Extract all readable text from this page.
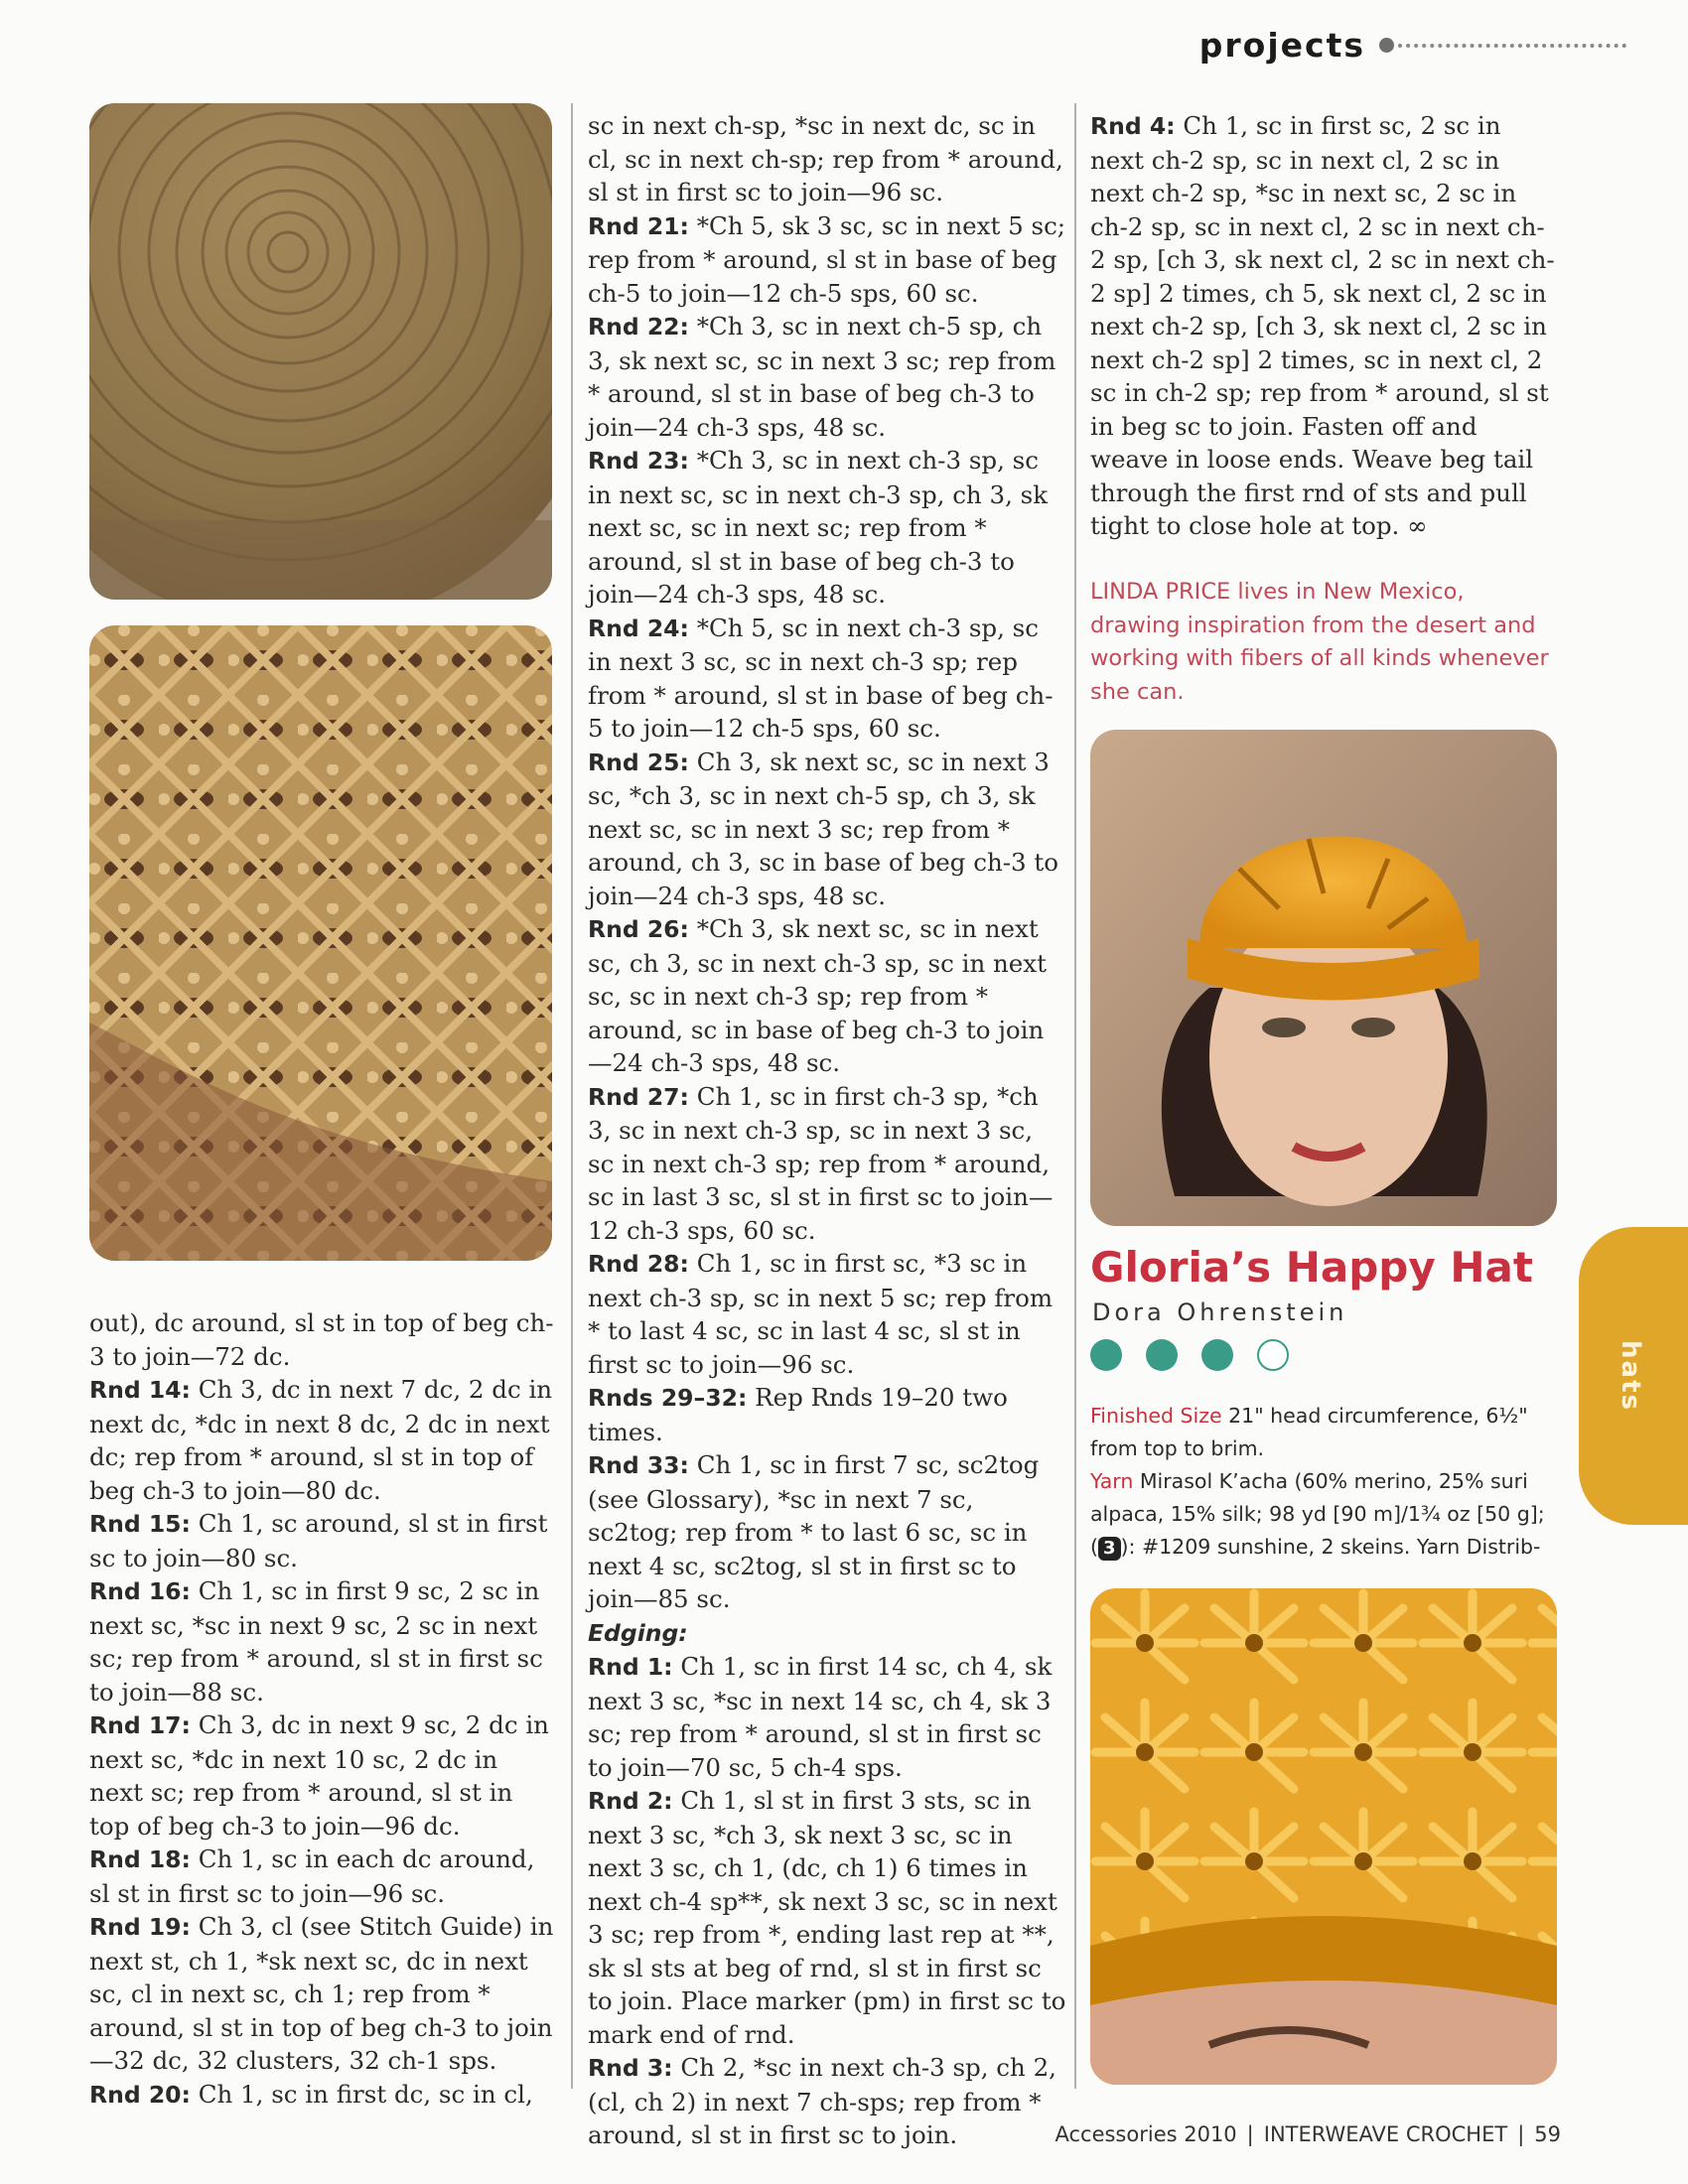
projects

out), dc around, sl st in top of beg ch-3 to join—72 dc.

Rnd 14: Ch 3, dc in next 7 dc, 2 dc in next dc, *dc in next 8 dc, 2 dc in next dc; rep from * around, sl st in top of beg ch-3 to join—80 dc.

Rnd 15: Ch 1, sc around, sl st in first sc to join—80 sc.

Rnd 16: Ch 1, sc in first 9 sc, 2 sc in next sc, *sc in next 9 sc, 2 sc in next sc; rep from * around, sl st in first sc to join—88 sc.

Rnd 17: Ch 3, dc in next 9 sc, 2 dc in next sc, *dc in next 10 sc, 2 dc in next sc; rep from * around, sl st in top of beg ch-3 to join—96 dc.

Rnd 18: Ch 1, sc in each dc around, sl st in first sc to join—96 sc.

Rnd 19: Ch 3, cl (see Stitch Guide) in next st, ch 1, *sk next sc, dc in next sc, cl in next sc, ch 1; rep from * around, sl st in top of beg ch-3 to join—32 dc, 32 clusters, 32 ch-1 sps.

Rnd 20: Ch 1, sc in first dc, sc in cl,

sc in next ch-sp, *sc in next dc, sc in cl, sc in next ch-sp; rep from * around, sl st in first sc to join—96 sc.

Rnd 21: *Ch 5, sk 3 sc, sc in next 5 sc; rep from * around, sl st in base of beg ch-5 to join—12 ch-5 sps, 60 sc.

Rnd 22: *Ch 3, sc in next ch-5 sp, ch 3, sk next sc, sc in next 3 sc; rep from * around, sl st in base of beg ch-3 to join—24 ch-3 sps, 48 sc.

Rnd 23: *Ch 3, sc in next ch-3 sp, sc in next sc, sc in next ch-3 sp, ch 3, sk next sc, sc in next sc; rep from * around, sl st in base of beg ch-3 to join—24 ch-3 sps, 48 sc.

Rnd 24: *Ch 5, sc in next ch-3 sp, sc in next 3 sc, sc in next ch-3 sp; rep from * around, sl st in base of beg ch-5 to join—12 ch-5 sps, 60 sc.

Rnd 25: Ch 3, sk next sc, sc in next 3 sc, *ch 3, sc in next ch-5 sp, ch 3, sk next sc, sc in next 3 sc; rep from * around, ch 3, sc in base of beg ch-3 to join—24 ch-3 sps, 48 sc.

Rnd 26: *Ch 3, sk next sc, sc in next sc, ch 3, sc in next ch-3 sp, sc in next sc, sc in next ch-3 sp; rep from * around, sc in base of beg ch-3 to join—24 ch-3 sps, 48 sc.

Rnd 27: Ch 1, sc in first ch-3 sp, *ch 3, sc in next ch-3 sp, sc in next 3 sc, sc in next ch-3 sp; rep from * around, sc in last 3 sc, sl st in first sc to join—12 ch-3 sps, 60 sc.

Rnd 28: Ch 1, sc in first sc, *3 sc in next ch-3 sp, sc in next 5 sc; rep from * to last 4 sc, sc in last 4 sc, sl st in first sc to join—96 sc.

Rnds 29–32: Rep Rnds 19–20 two times.

Rnd 33: Ch 1, sc in first 7 sc, sc2tog (see Glossary), *sc in next 7 sc, sc2tog; rep from * to last 6 sc, sc in next 4 sc, sc2tog, sl st in first sc to join—85 sc.

Edging:

Rnd 1: Ch 1, sc in first 14 sc, ch 4, sk next 3 sc, *sc in next 14 sc, ch 4, sk 3 sc; rep from * around, sl st in first sc to join—70 sc, 5 ch-4 sps.

Rnd 2: Ch 1, sl st in first 3 sts, sc in next 3 sc, *ch 3, sk next 3 sc, sc in next 3 sc, ch 1, (dc, ch 1) 6 times in next ch-4 sp**, sk next 3 sc, sc in next 3 sc; rep from *, ending last rep at **, sk sl sts at beg of rnd, sl st in first sc to join. Place marker (pm) in first sc to mark end of rnd.

Rnd 3: Ch 2, *sc in next ch-3 sp, ch 2, (cl, ch 2) in next 7 ch-sps; rep from * around, sl st in first sc to join.

Rnd 4: Ch 1, sc in first sc, 2 sc in next ch-2 sp, sc in next cl, 2 sc in next ch-2 sp, *sc in next sc, 2 sc in ch-2 sp, sc in next cl, 2 sc in next ch-2 sp, [ch 3, sk next cl, 2 sc in next ch-2 sp] 2 times, ch 5, sk next cl, 2 sc in next ch-2 sp, [ch 3, sk next cl, 2 sc in next ch-2 sp] 2 times, sc in next cl, 2 sc in ch-2 sp; rep from * around, sl st in beg sc to join. Fasten off and weave in loose ends. Weave beg tail through the first rnd of sts and pull tight to close hole at top. ∞

LINDA PRICE lives in New Mexico, drawing inspiration from the desert and working with fibers of all kinds whenever she can.
Gloria’s Happy Hat
Dora Ohrenstein

Finished Size 21" head circumference, 6½" from top to brim.

Yarn Mirasol K’acha (60% merino, 25% suri alpaca, 15% silk; 98 yd [90 m]/1¾ oz [50 g]; ( 3 ): #1209 sunshine, 2 skeins. Yarn Distrib-

hats
Accessories 2010 | INTERWEAVE CROCHET | 59
